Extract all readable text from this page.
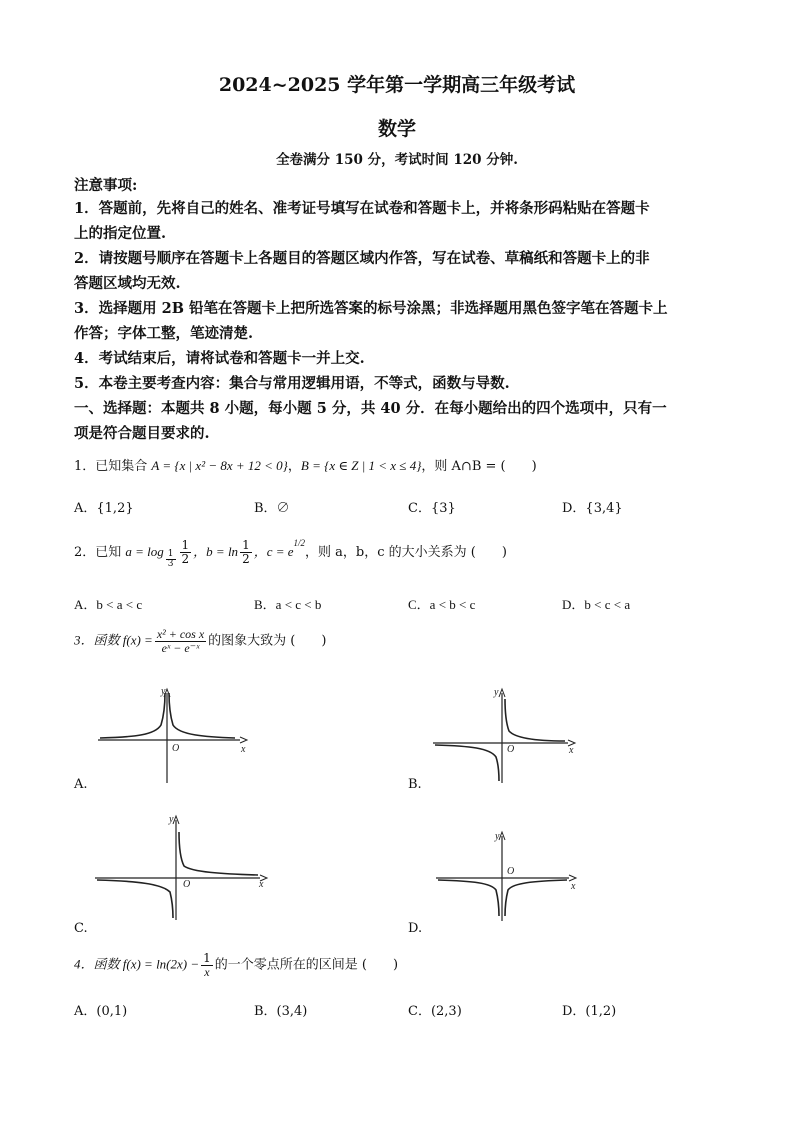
2024~2025 学年第一学期高三年级考试
数学
全卷满分 150 分，考试时间 120 分钟.
注意事项:
1．答题前，先将自己的姓名、准考证号填写在试卷和答题卡上，并将条形码粘贴在答题卡
上的指定位置.
2．请按题号顺序在答题卡上各题目的答题区域内作答，写在试卷、草稿纸和答题卡上的非
答题区域均无效.
3．选择题用 2B 铅笔在答题卡上把所选答案的标号涂黑；非选择题用黑色签字笔在答题卡上
作答；字体工整，笔迹清楚.
4．考试结束后，请将试卷和答题卡一并上交.
5．本卷主要考查内容：集合与常用逻辑用语，不等式，函数与导数.
一、选择题：本题共 8 小题，每小题 5 分，共 40 分．在每小题给出的四个选项中，只有一
项是符合题目要求的.
1．已知集合 A = {x | x² − 8x + 12 < 0}，B = {x ∈ Z | 1 < x ≤ 4}，则 A∩B = (　　)
A．{1,2}	B．∅	C．{3}	D．{3,4}
2．已知 $a = \log \frac{1}{3} \frac{1}{2}$ ，$b = \ln \frac{1}{2}$ ，$c = e^{1/2}$，则 a，b，c 的大小关系为 (　　)
A．b < a < c	B．a < c < b	C．a < b < c	D．b < c < a
3．函数 $f(x) = \frac{\text{x² + cos x}}{\text{eˣ − e⁻ˣ}}$ 的图象大致为 (　　)
y
x
O
A.
y
x
O
B.
y
x
O
C.
y
x
O
D.
4．函数 $f(x) = \ln(2x) - \frac{1}{x}$ 的一个零点所在的区间是 (　　)
A．(0,1)	B．(3,4)	C．(2,3)	D．(1,2)
